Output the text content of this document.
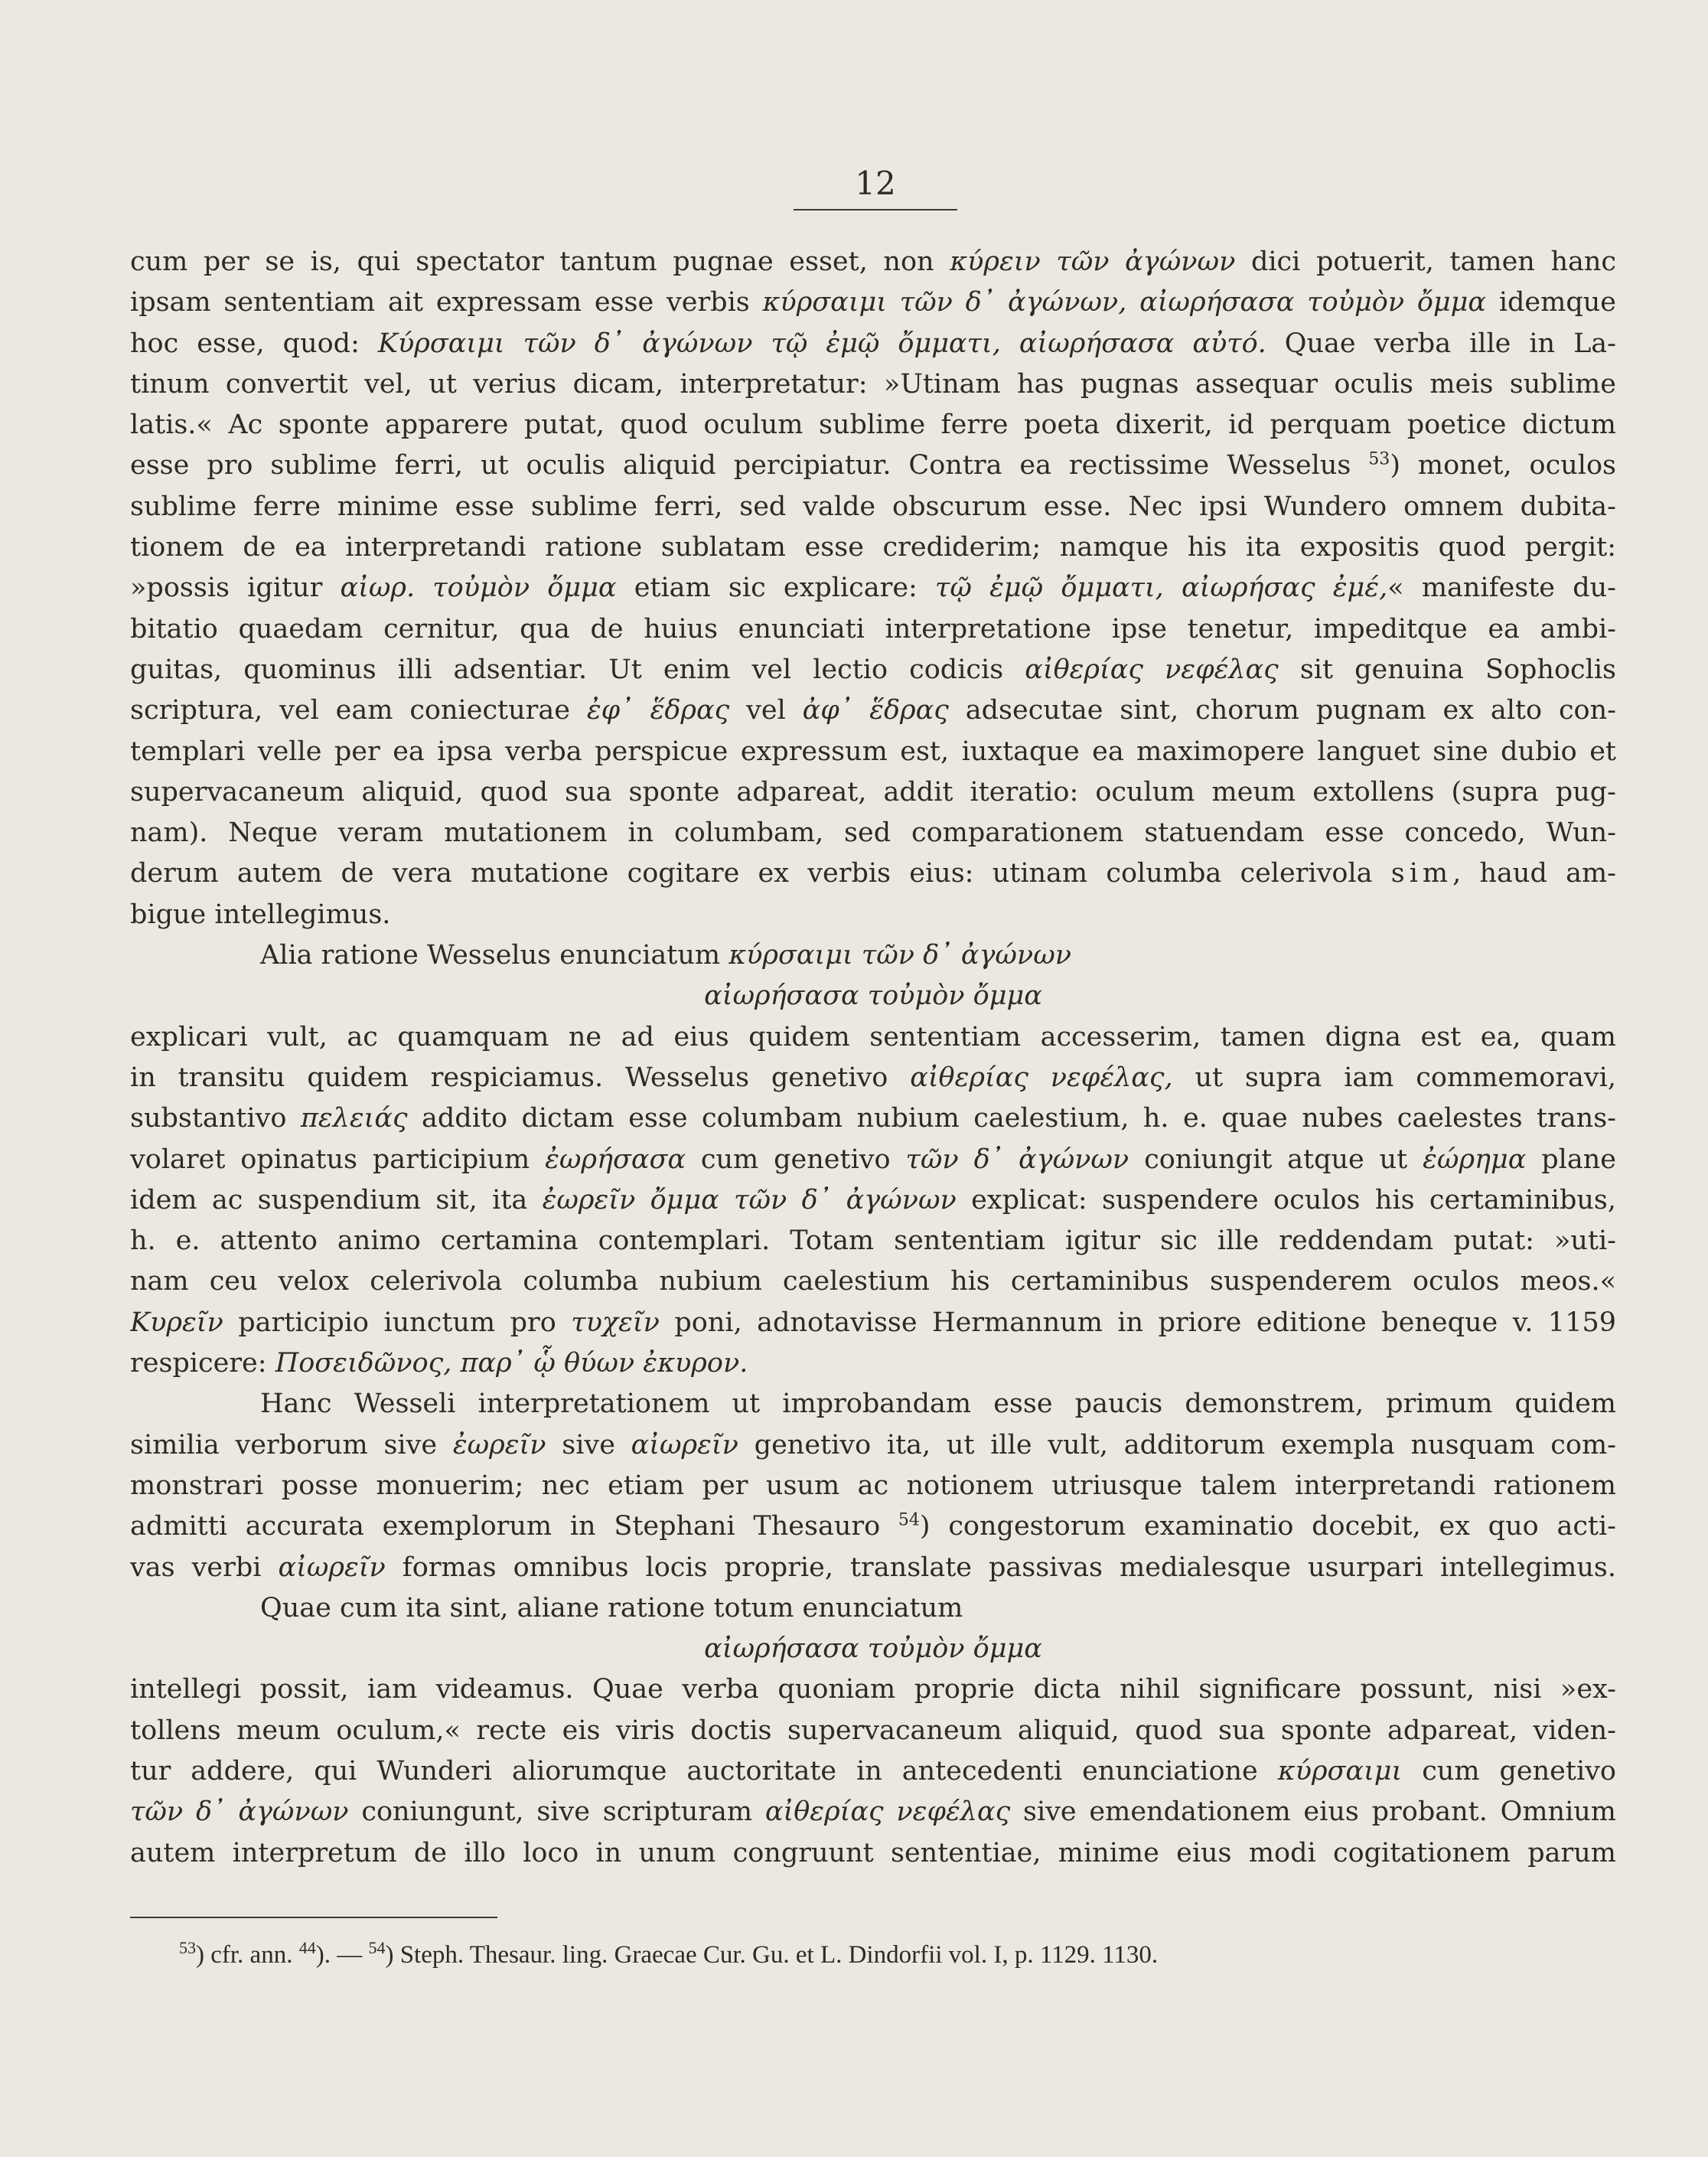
12
cum per se is, qui spectator tantum pugnae esset, non κύρειν τῶν ἀγώνων dici potuerit, tamen hanc
ipsam sententiam ait expressam esse verbis κύρσαιμι τῶν δ᾽ ἀγώνων, αἰωρήσασα τοὐμὸν ὄμμα idemque
hoc esse, quod: Κύρσαιμι τῶν δ᾽ ἀγώνων τῷ ἐμῷ ὄμματι, αἰωρήσασα αὐτό. Quae verba ille in La-
tinum convertit vel, ut verius dicam, interpretatur: »Utinam has pugnas assequar oculis meis sublime
latis.« Ac sponte apparere putat, quod oculum sublime ferre poeta dixerit, id perquam poetice dictum
esse pro sublime ferri, ut oculis aliquid percipiatur. Contra ea rectissime Wesselus $^{53}$) monet, oculos
sublime ferre minime esse sublime ferri, sed valde obscurum esse. Nec ipsi Wundero omnem dubita-
tionem de ea interpretandi ratione sublatam esse crediderim; namque his ita expositis quod pergit:
»possis igitur αἰωρ. τοὐμὸν ὄμμα etiam sic explicare: τῷ ἐμῷ ὄμματι, αἰωρήσας ἐμέ,« manifeste du-
bitatio quaedam cernitur, qua de huius enunciati interpretatione ipse tenetur, impeditque ea ambi-
guitas, quominus illi adsentiar. Ut enim vel lectio codicis αἰθερίας νεφέλας sit genuina Sophoclis
scriptura, vel eam coniecturae ἐφ᾽ ἕδρας vel ἀφ᾽ ἕδρας adsecutae sint, chorum pugnam ex alto con-
templari velle per ea ipsa verba perspicue expressum est, iuxtaque ea maximopere languet sine dubio et
supervacaneum aliquid, quod sua sponte adpareat, addit iteratio: oculum meum extollens (supra pug-
nam). Neque veram mutationem in columbam, sed comparationem statuendam esse concedo, Wun-
derum autem de vera mutatione cogitare ex verbis eius: utinam columba celerivola sim, haud am-
bigue intellegimus.
Alia ratione Wesselus enunciatum κύρσαιμι τῶν δ᾽ ἀγώνων
αἰωρήσασα τοὐμὸν ὄμμα
explicari vult, ac quamquam ne ad eius quidem sententiam accesserim, tamen digna est ea, quam
in transitu quidem respiciamus. Wesselus genetivo αἰθερίας νεφέλας, ut supra iam commemoravi,
substantivo πελειάς addito dictam esse columbam nubium caelestium, h. e. quae nubes caelestes trans-
volaret opinatus participium ἐωρήσασα cum genetivo τῶν δ᾽ ἀγώνων coniungit atque ut ἐώρημα plane
idem ac suspendium sit, ita ἐωρεῖν ὄμμα τῶν δ᾽ ἀγώνων explicat: suspendere oculos his certaminibus,
h. e. attento animo certamina contemplari. Totam sententiam igitur sic ille reddendam putat: »uti-
nam ceu velox celerivola columba nubium caelestium his certaminibus suspenderem oculos meos.«
Κυρεῖν participio iunctum pro τυχεῖν poni, adnotavisse Hermannum in priore editione beneque v. 1159
respicere: Ποσειδῶνος, παρ᾽ ᾧ θύων ἐκυρον.
Hanc Wesseli interpretationem ut improbandam esse paucis demonstrem, primum quidem
similia verborum sive ἐωρεῖν sive αἰωρεῖν genetivo ita, ut ille vult, additorum exempla nusquam com-
monstrari posse monuerim; nec etiam per usum ac notionem utriusque talem interpretandi rationem
admitti accurata exemplorum in Stephani Thesauro $^{54}$) congestorum examinatio docebit, ex quo acti-
vas verbi αἰωρεῖν formas omnibus locis proprie, translate passivas medialesque usurpari intellegimus.
Quae cum ita sint, aliane ratione totum enunciatum
αἰωρήσασα τοὐμὸν ὄμμα
intellegi possit, iam videamus. Quae verba quoniam proprie dicta nihil significare possunt, nisi »ex-
tollens meum oculum,« recte eis viris doctis supervacaneum aliquid, quod sua sponte adpareat, viden-
tur addere, qui Wunderi aliorumque auctoritate in antecedenti enunciatione κύρσαιμι cum genetivo
τῶν δ᾽ ἀγώνων coniungunt, sive scripturam αἰθερίας νεφέλας sive emendationem eius probant. Omnium
autem interpretum de illo loco in unum congruunt sententiae, minime eius modi cogitationem parum
$^{53}$) cfr. ann. $^{44}$). — $^{54}$) Steph. Thesaur. ling. Graecae Cur. Gu. et L. Dindorfii vol. I, p. 1129. 1130.
